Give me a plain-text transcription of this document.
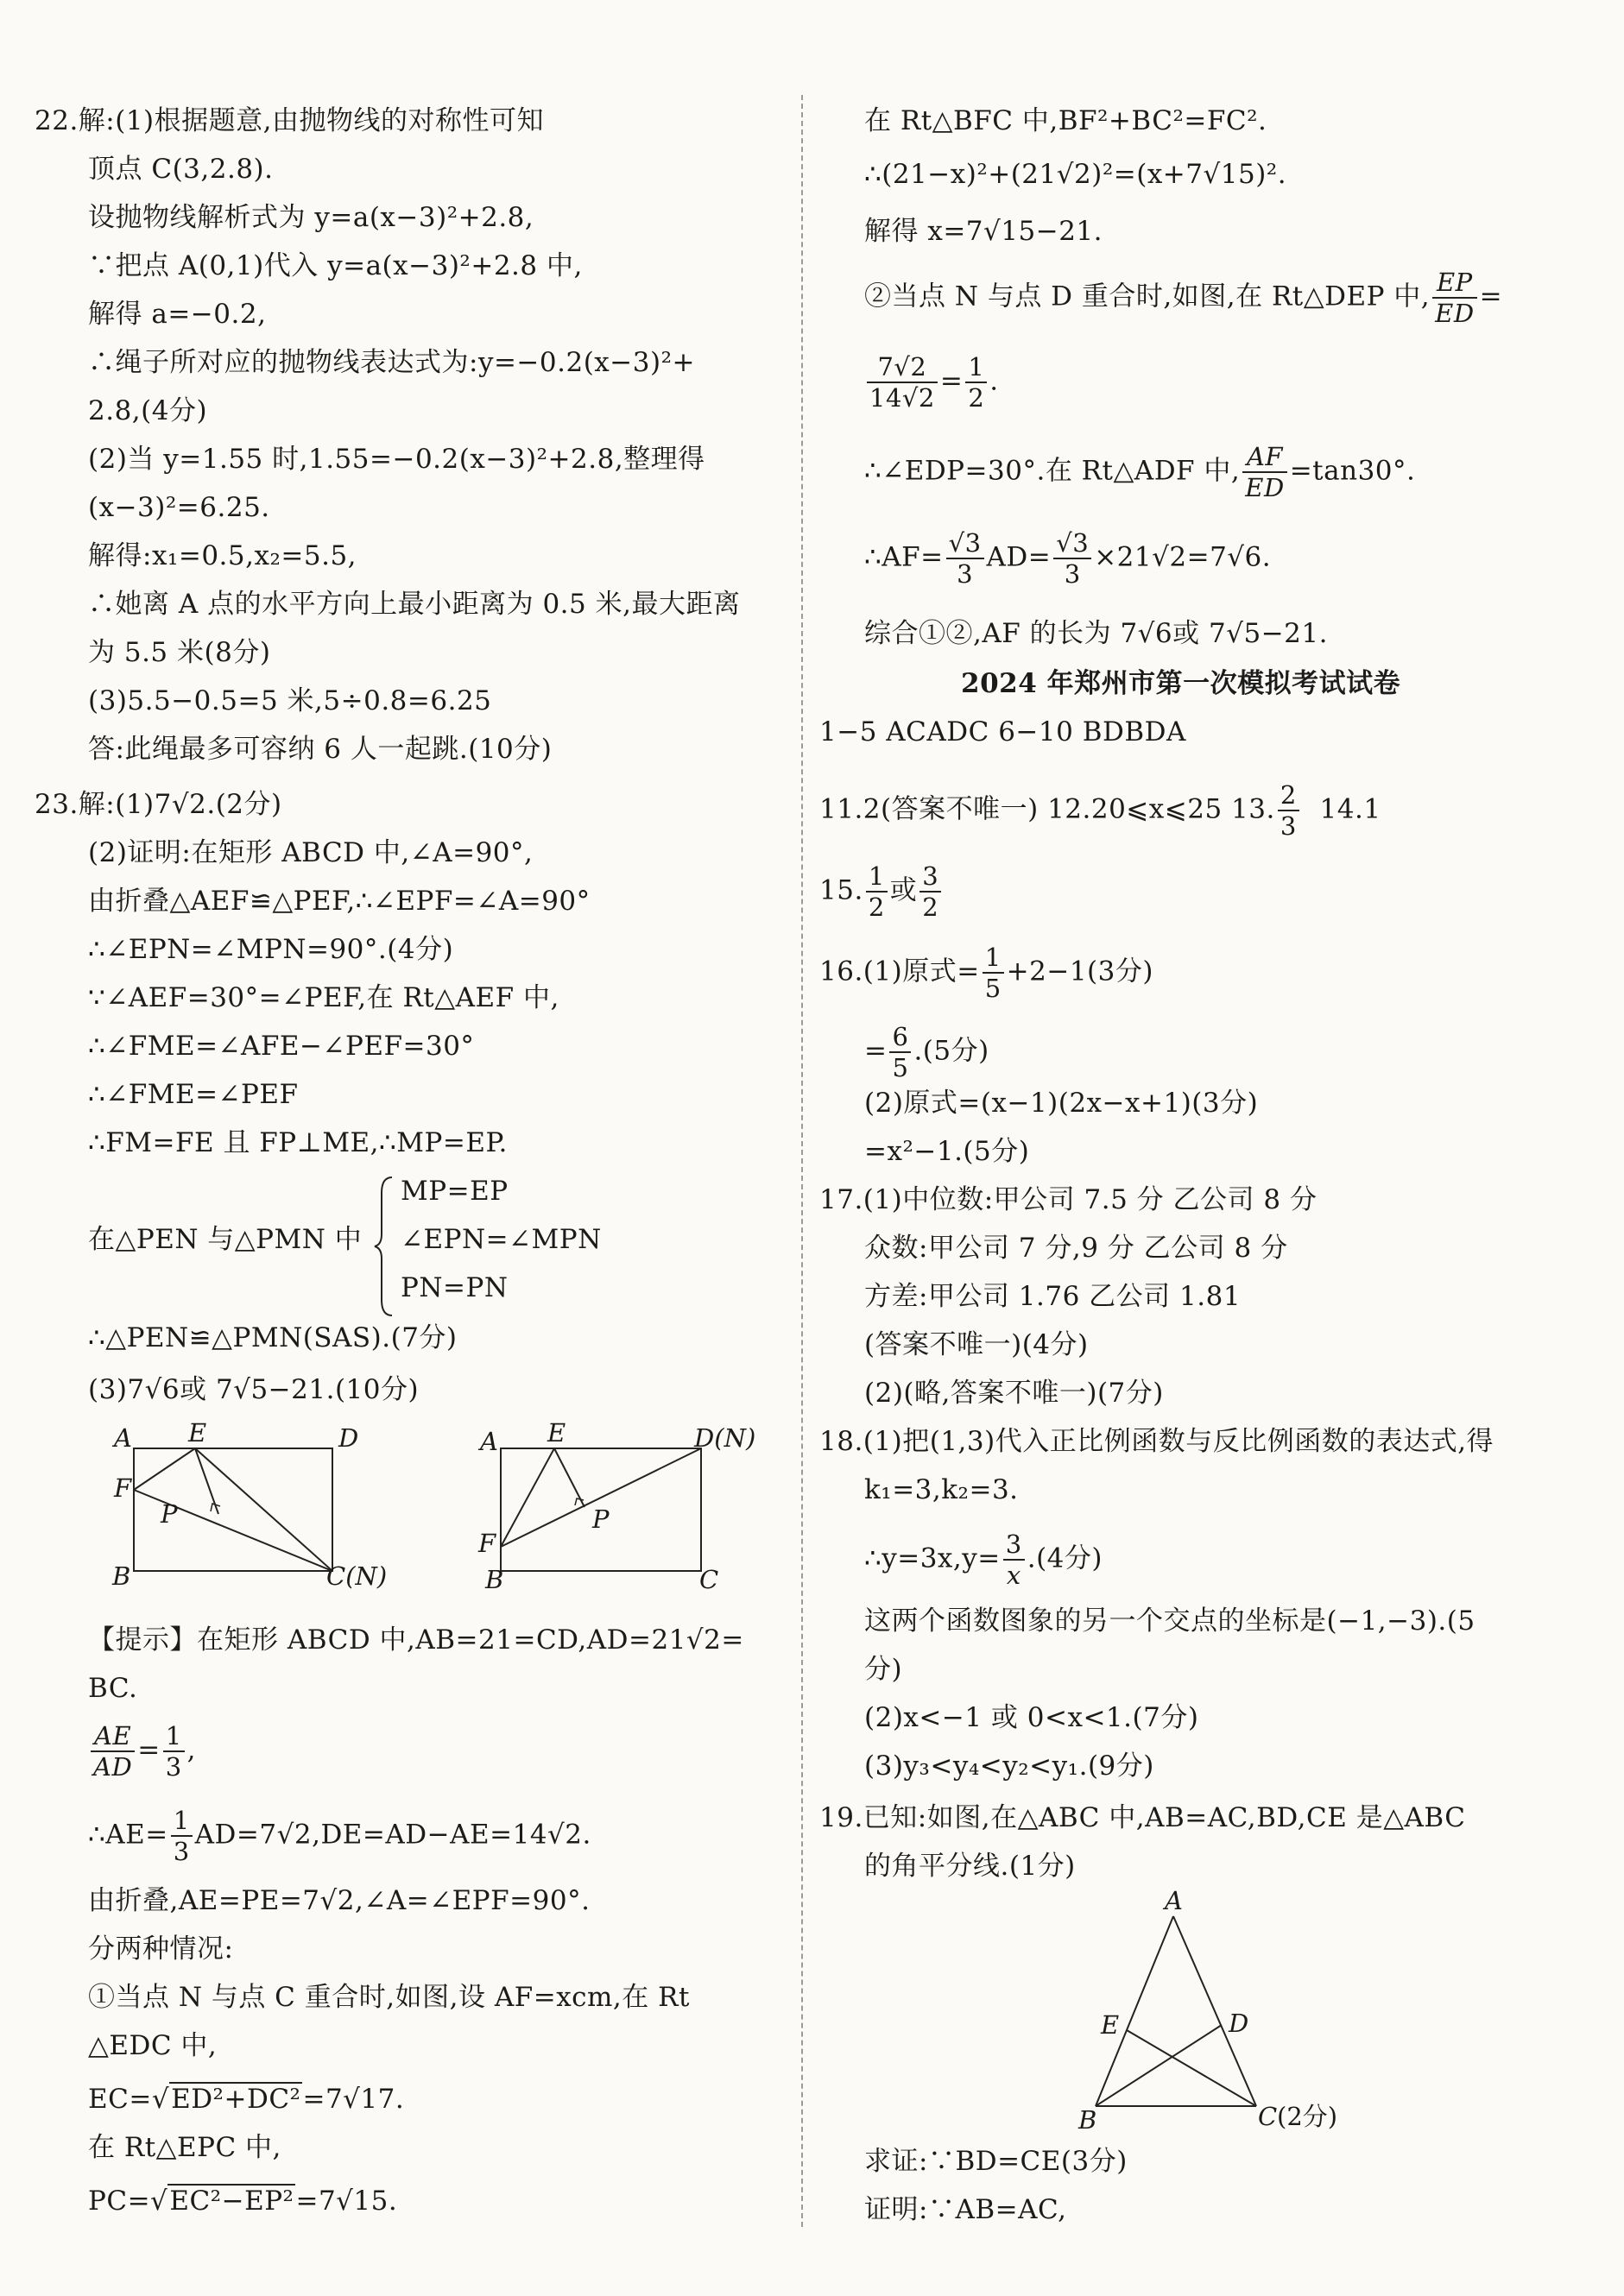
22.解:(1)根据题意,由抛物线的对称性可知
顶点 C(3,2.8).
设抛物线解析式为 y=a(x−3)²+2.8,
∵把点 A(0,1)代入 y=a(x−3)²+2.8 中,
解得 a=−0.2,
∴绳子所对应的抛物线表达式为:y=−0.2(x−3)²+
2.8,(4分)
(2)当 y=1.55 时,1.55=−0.2(x−3)²+2.8,整理得
(x−3)²=6.25.
解得:x₁=0.5,x₂=5.5,
∴她离 A 点的水平方向上最小距离为 0.5 米,最大距离
为 5.5 米(8分)
(3)5.5−0.5=5 米,5÷0.8=6.25
答:此绳最多可容纳 6 人一起跳.(10分)
23.解:(1)7√2.(2分)
(2)证明:在矩形 ABCD 中,∠A=90°,
由折叠△AEF≌△PEF,∴∠EPF=∠A=90°
∴∠EPN=∠MPN=90°.(4分)
∵∠AEF=30°=∠PEF,在 Rt△AEF 中,
∴∠FME=∠AFE−∠PEF=30°
∴∠FME=∠PEF
∴FM=FE 且 FP⊥ME,∴MP=EP.
MP=EP
在△PEN 与△PMN 中 ∠EPN=∠MPN
PN=PN
∴△PEN≌△PMN(SAS).(7分)
(3)7√6或 7√5−21.(10分)
A E	D
F
P
B	C(N)
A E	D(N)
F
P
B	C
【提示】在矩形 ABCD 中,AB=21=CD,AD=21√2=
BC.
$\frac{AE}{AD} = \frac{1}{3}$ ,
∴AE= $\frac{1}{3} AD=7√2,DE=AD-AE=14√2$.
由折叠,AE=PE=7√2,∠A=∠EPF=90°.
分两种情况:
①当点 N 与点 C 重合时,如图,设 AF=xcm,在 Rt
△EDC 中,
EC=√ED²+DC²=7√17.
在 Rt△EPC 中,
PC=√EC²−EP²=7√15.
在 Rt△BFC 中,BF²+BC²=FC².
∴(21−x)²+(21√2)²=(x+7√15)².
解得 x=7√15−21.
②当点 N 与点 D 重合时,如图,在 Rt△DEP 中, $\frac{EP}{ED}$ =
$\frac{7√2}{14√2} = \frac{1}{2}$ .
∴∠EDP=30°.在 Rt△ADF 中, $\frac{AF}{ED} =\tan 30^\circ$.
∴AF= $\frac{√3}{3} AD= \frac{√3}{3} \times 21√2=7√6$.
综合①②,AF 的长为 7√6或 7√5−21.
2024 年郑州市第一次模拟考试试卷
1−5 ACADC 6−10 BDBDA
11.2(答案不唯一) 12.20⩽x⩽25 13. $\frac{2}{3} 14.1$
15. $\frac{1}{2}$ 或 $\frac{3}{2}$
16.(1)原式= $\frac{1}{5} +2-1(3$分)
= $\frac{6}{5} .(5$分)
(2)原式=(x−1)(2x−x+1)(3分)
=x²−1.(5分)
17.(1)中位数:甲公司 7.5 分 乙公司 8 分
众数:甲公司 7 分,9 分 乙公司 8 分
方差:甲公司 1.76 乙公司 1.81
(答案不唯一)(4分)
(2)(略,答案不唯一)(7分)
18.(1)把(1,3)代入正比例函数与反比例函数的表达式,得
k₁=3,k₂=3.
∴y=3x,y= $\frac{3}{x} .(4$分)
这两个函数图象的另一个交点的坐标是(−1,−3).(5
分)
(2)x<−1 或 0<x<1.(7分)
(3)y₃<y₄<y₂<y₁.(9分)
19.已知:如图,在△ABC 中,AB=AC,BD,CE 是△ABC
的角平分线.(1分)
A
E	D
B	C (2分)
求证:∵BD=CE(3分)
证明:∵AB=AC,
